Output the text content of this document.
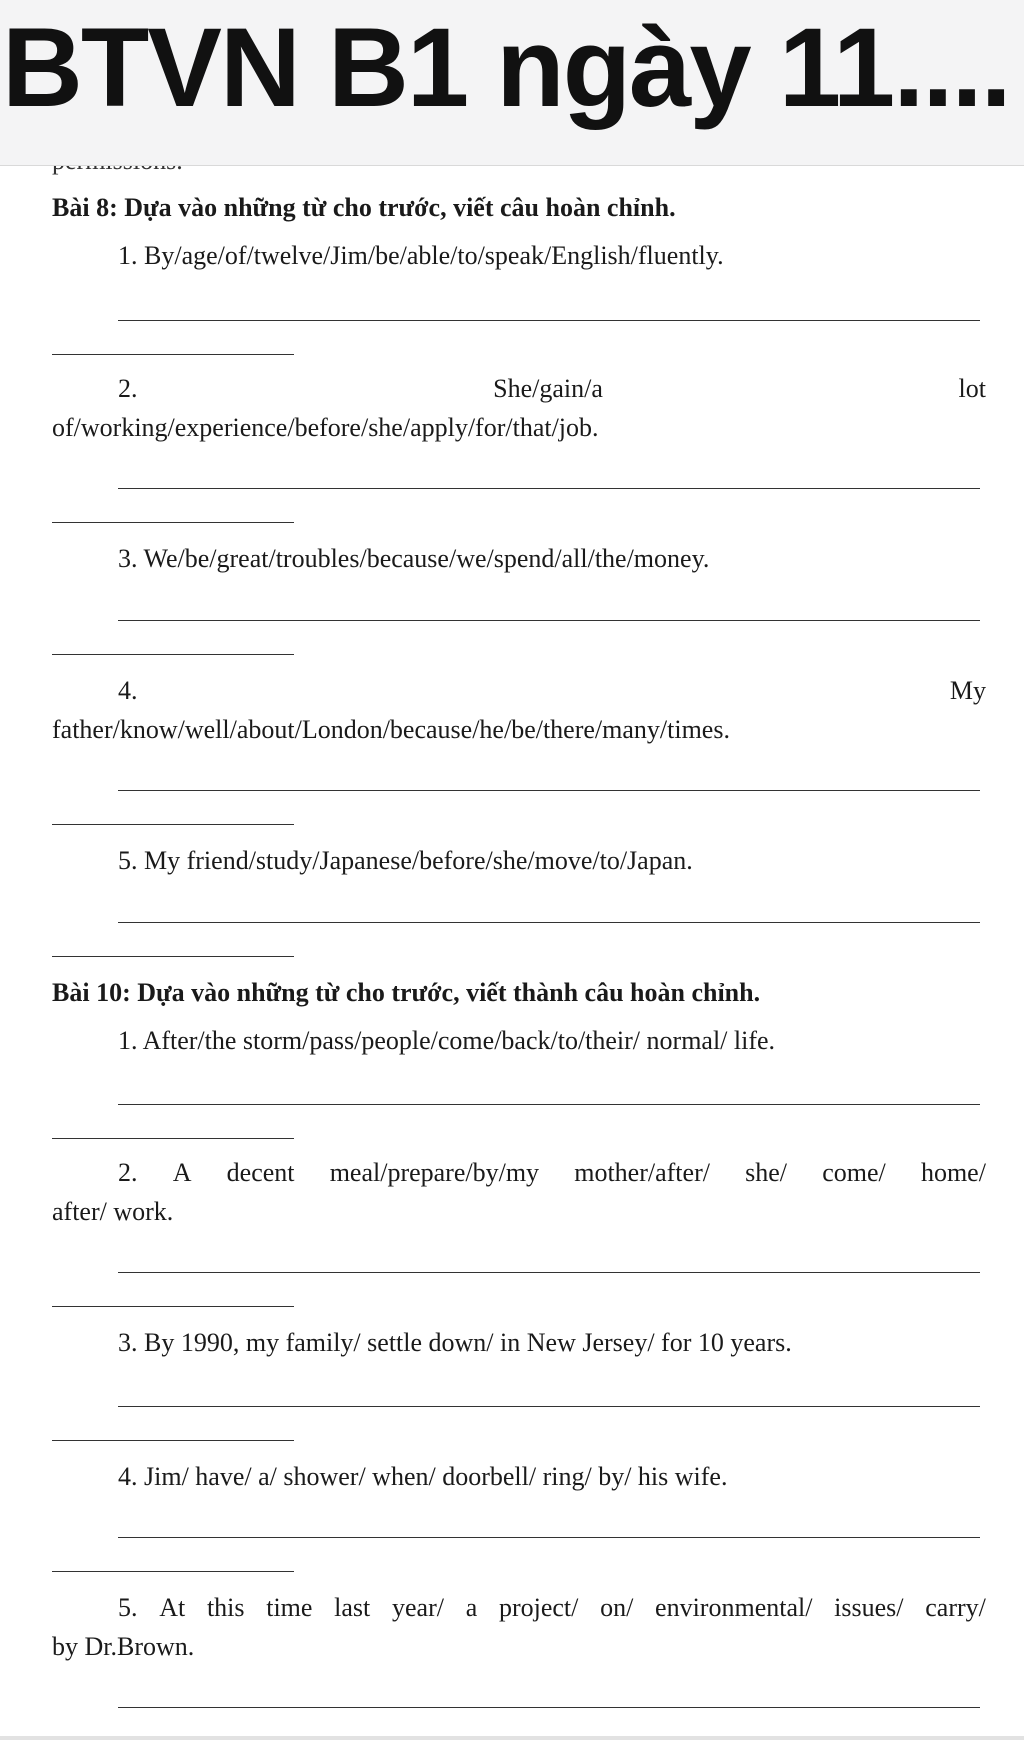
Bài 8: Dựa vào những từ cho trước, viết câu hoàn chỉnh.
1. By/age/of/twelve/Jim/be/able/to/speak/English/fluently.
2.	She/gain/a	lot
of/working/experience/before/she/apply/for/that/job.
3. We/be/great/troubles/because/we/spend/all/the/money.
4.	My
father/know/well/about/London/because/he/be/there/many/times.
5. My friend/study/Japanese/before/she/move/to/Japan.
Bài 10: Dựa vào những từ cho trước, viết thành câu hoàn chỉnh.
1. After/the storm/pass/people/come/back/to/their/ normal/ life.
2. A decent meal/prepare/by/my mother/after/ she/ come/ home/
after/ work.
3. By 1990, my family/ settle down/ in New Jersey/ for 10 years.
4. Jim/ have/ a/ shower/ when/ doorbell/ ring/ by/ his wife.
5. At this time last year/ a project/ on/ environmental/ issues/ carry/
by Dr.Brown.
BTVN B1 ngày 11....
